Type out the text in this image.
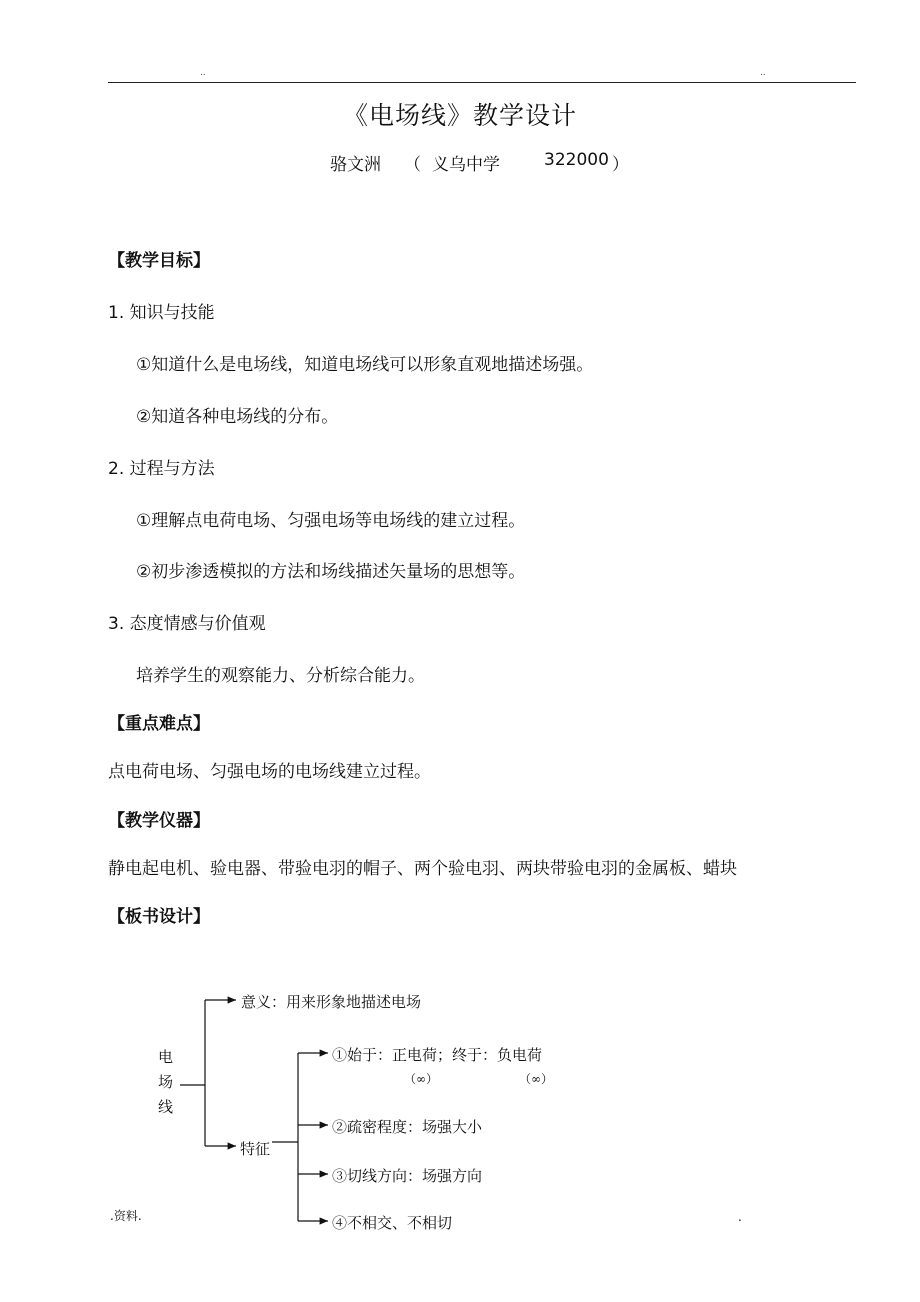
..	..
《电场线》教学设计
骆文洲 （ 义乌中学	322000 ）
【教学目标】
1. 知识与技能
①知道什么是电场线，知道电场线可以形象直观地描述场强。
②知道各种电场线的分布。
2. 过程与方法
①理解点电荷电场、匀强电场等电场线的建立过程。
②初步渗透模拟的方法和场线描述矢量场的思想等。
3. 态度情感与价值观
培养学生的观察能力、分析综合能力。
【重点难点】
点电荷电场、匀强电场的电场线建立过程。
【教学仪器】
静电起电机、验电器、带验电羽的帽子、两个验电羽、两块带验电羽的金属板、蜡块
【板书设计】
电
场
线
意义：用来形象地描述电场
特征
①始于：正电荷；终于：负电荷
（∞）	（∞）
②疏密程度：场强大小
③切线方向：场强方向
④不相交、不相切
.资料.	.
